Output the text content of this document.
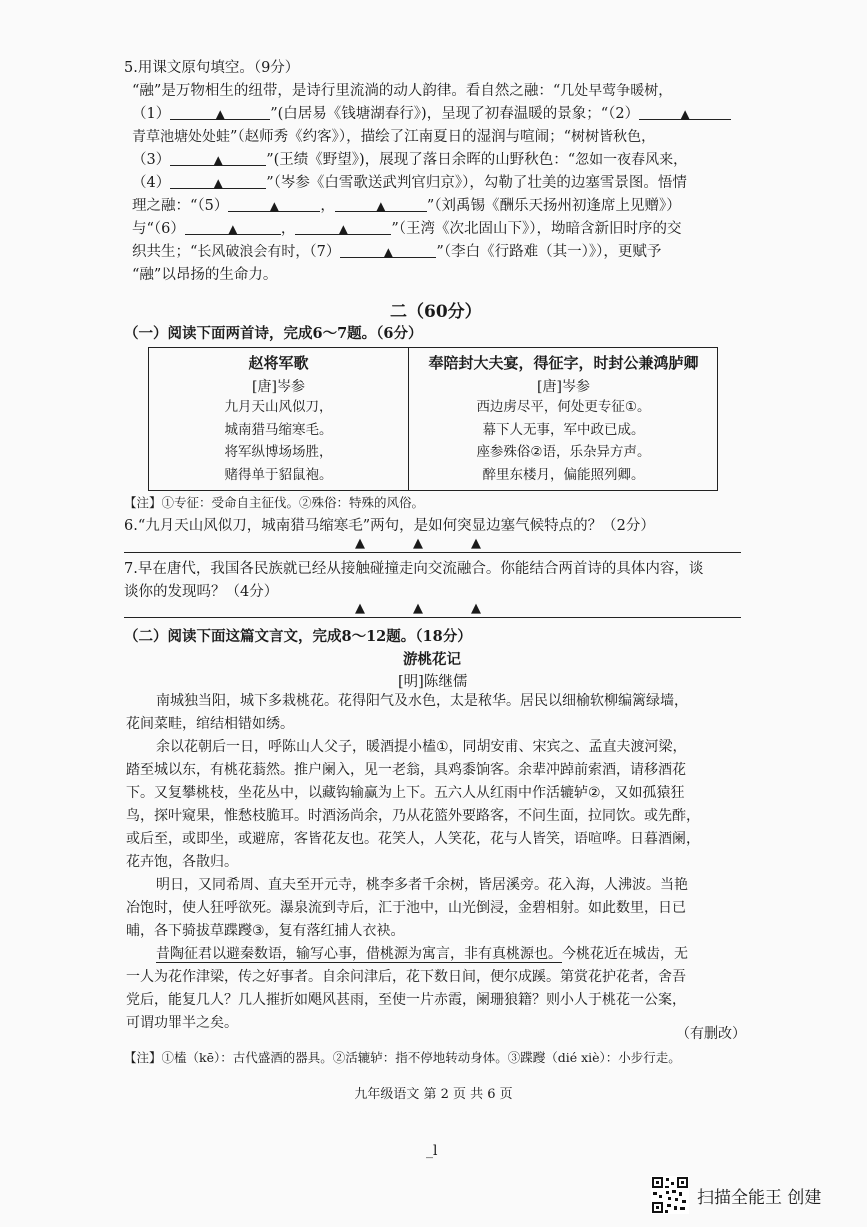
5.用课文原句填空。（9分）
“融”是万物相生的纽带，是诗行里流淌的动人韵律。看自然之融：“几处早莺争暖树，
（1）	▲	”(白居易《钱塘湖春行》)，呈现了初春温暖的景象；“（2）	▲
青草池塘处处蛙”（赵师秀《约客》），描绘了江南夏日的湿润与喧闹；“树树皆秋色，
（3）	▲	”(王绩《野望》)，展现了落日余晖的山野秋色：“忽如一夜春风来，
（4）	▲	”（岑参《白雪歌送武判官归京》），勾勒了壮美的边塞雪景图。悟情
理之融：“（5）	▲	，	▲	”（刘禹锡《酬乐天扬州初逢席上见赠》）
与“（6）	▲	，	▲	”（王湾《次北固山下》），坳暗含新旧时序的交
织共生；“长风破浪会有时，（7）	▲	”（李白《行路难（其一）》），更赋予
“融”以昂扬的生命力。
二（60分）
（一）阅读下面两首诗，完成6～7题。（6分）
赵将军歌
[唐]岑参
九月天山风似刀，
城南猎马缩寒毛。
将军纵博场场胜，
赌得单于貂鼠袍。
奉陪封大夫宴，得征字，时封公兼鸿胪卿
[唐]岑参
西边虏尽平，何处更专征①。
幕下人无事，军中政已成。
座参殊俗②语，乐杂异方声。
醉里东楼月，偏能照列卿。
【注】①专征：受命自主征伐。②殊俗：特殊的风俗。
6.“九月天山风似刀，城南猎马缩寒毛”两句，是如何突显边塞气候特点的？（2分）
▲▲▲
7.早在唐代，我国各民族就已经从接触碰撞走向交流融合。你能结合两首诗的具体内容，谈
谈你的发现吗？（4分）
▲▲▲
（二）阅读下面这篇文言文，完成8～12题。（18分）
游桃花记
[明]陈继儒
南城独当阳，城下多栽桃花。花得阳气及水色，太是秾华。居民以细榆软柳编篱绿墙，
花间菜畦，绾结相错如绣。
余以花朝后一日，呼陈山人父子，暖酒提小榼①，同胡安甫、宋宾之、孟直夫渡河梁，
踏至城以东，有桃花蓊然。推户阑入，见一老翁，具鸡黍饷客。余辈冲踔前索酒，请移酒花
下。又复攀桃枝，坐花丛中，以藏钩输赢为上下。五六人从红雨中作活辘轳②，又如孤猿狂
鸟，探叶窥果，惟愁枝脆耳。时酒汤尚余，乃从花篮外要路客，不问生面，拉同饮。或先酢，
或后至，或即坐，或避席，客皆花友也。花笑人，人笑花，花与人皆笑，语喧哗。日暮酒阑，
花卉饱，各散归。
明日，又同希周、直夫至开元寺，桃李多者千余树，皆居溪旁。花入海，人沸波。当艳
冶饱时，使人狂呼欲死。瀑泉流到寺后，汇于池中，山光倒浸，金碧相射。如此数里，日已
晡，各下骑拔草蹀躞③，复有落红捕人衣袂。
昔陶征君以避秦数语，输写心事，借桃源为寓言，非有真桃源也。今桃花近在城齿，无
一人为花作津梁，传之好事者。自余问津后，花下数日间，便尔成蹊。第赏花护花者，舍吾
党后，能复几人？几人摧折如飓风甚雨，至使一片赤霞，阑珊狼籍？则小人于桃花一公案，
可谓功罪半之矣。
（有删改）
【注】①榼（kē）：古代盛酒的器具。②活辘轳：指不停地转动身体。③蹀躞（dié xiè）：小步行走。
九年级语文 第 2 页 共 6 页
_l
扫描全能王 创建
